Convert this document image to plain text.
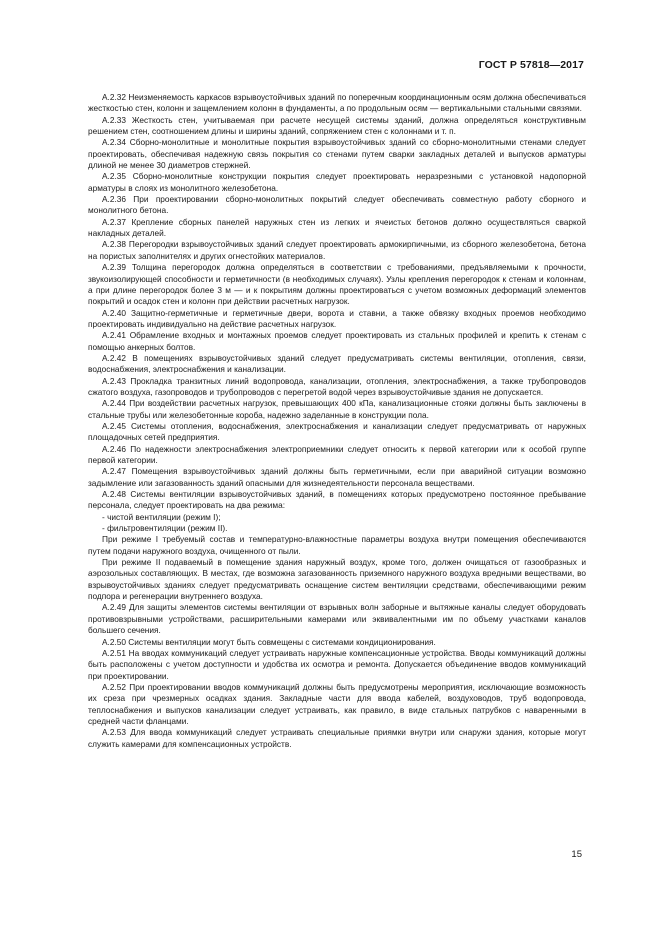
ГОСТ Р 57818—2017

А.2.32 Неизменяемость каркасов взрывоустойчивых зданий по поперечным координационным осям должна обеспечиваться жесткостью стен, колонн и защемлением колонн в фундаменты, а по продольным осям — вертикальными стальными связями.

А.2.33 Жесткость стен, учитываемая при расчете несущей системы зданий, должна определяться конструктивным решением стен, соотношением длины и ширины зданий, сопряжением стен с колоннами и т. п.

А.2.34 Сборно-монолитные и монолитные покрытия взрывоустойчивых зданий со сборно-монолитными стенами следует проектировать, обеспечивая надежную связь покрытия со стенами путем сварки закладных деталей и выпусков арматуры длиной не менее 30 диаметров стержней.

А.2.35 Сборно-монолитные конструкции покрытия следует проектировать неразрезными с установкой надопорной арматуры в слоях из монолитного железобетона.

А.2.36 При проектировании сборно-монолитных покрытий следует обеспечивать совместную работу сборного и монолитного бетона.

А.2.37 Крепление сборных панелей наружных стен из легких и ячеистых бетонов должно осуществляться сваркой накладных деталей.

А.2.38 Перегородки взрывоустойчивых зданий следует проектировать армокирпичными, из сборного железобетона, бетона на пористых заполнителях и других огнестойких материалов.

А.2.39 Толщина перегородок должна определяться в соответствии с требованиями, предъявляемыми к прочности, звукоизолирующей способности и герметичности (в необходимых случаях). Узлы крепления перегородок к стенам и колоннам, а при длине перегородок более 3 м — и к покрытиям должны проектироваться с учетом возможных деформаций элементов покрытий и осадок стен и колонн при действии расчетных нагрузок.

А.2.40 Защитно-герметичные и герметичные двери, ворота и ставни, а также обвязку входных проемов необходимо проектировать индивидуально на действие расчетных нагрузок.

А.2.41 Обрамление входных и монтажных проемов следует проектировать из стальных профилей и крепить к стенам с помощью анкерных болтов.

А.2.42 В помещениях взрывоустойчивых зданий следует предусматривать системы вентиляции, отопления, связи, водоснабжения, электроснабжения и канализации.

А.2.43 Прокладка транзитных линий водопровода, канализации, отопления, электроснабжения, а также трубопроводов сжатого воздуха, газопроводов и трубопроводов с перегретой водой через взрывоустойчивые здания не допускается.

А.2.44 При воздействии расчетных нагрузок, превышающих 400 кПа, канализационные стояки должны быть заключены в стальные трубы или железобетонные короба, надежно заделанные в конструкции пола.

А.2.45 Системы отопления, водоснабжения, электроснабжения и канализации следует предусматривать от наружных площадочных сетей предприятия.

А.2.46 По надежности электроснабжения электроприемники следует относить к первой категории или к особой группе первой категории.

А.2.47 Помещения взрывоустойчивых зданий должны быть герметичными, если при аварийной ситуации возможно задымление или загазованность зданий опасными для жизнедеятельности персонала веществами.

А.2.48 Системы вентиляции взрывоустойчивых зданий, в помещениях которых предусмотрено постоянное пребывание персонала, следует проектировать на два режима:

- чистой вентиляции (режим I);

- фильтровентиляции (режим II).

При режиме I требуемый состав и температурно-влажностные параметры воздуха внутри помещения обеспечиваются путем подачи наружного воздуха, очищенного от пыли.

При режиме II подаваемый в помещение здания наружный воздух, кроме того, должен очищаться от газообразных и аэрозольных составляющих. В местах, где возможна загазованность приземного наружного воздуха вредными веществами, во взрывоустойчивых зданиях следует предусматривать оснащение систем вентиляции средствами, обеспечивающими режим подпора и регенерации внутреннего воздуха.

А.2.49 Для защиты элементов системы вентиляции от взрывных волн заборные и вытяжные каналы следует оборудовать противовзрывными устройствами, расширительными камерами или эквивалентными им по объему участками каналов большего сечения.

А.2.50 Системы вентиляции могут быть совмещены с системами кондиционирования.

А.2.51 На вводах коммуникаций следует устраивать наружные компенсационные устройства. Вводы коммуникаций должны быть расположены с учетом доступности и удобства их осмотра и ремонта. Допускается объединение вводов коммуникаций при проектировании.

А.2.52 При проектировании вводов коммуникаций должны быть предусмотрены мероприятия, исключающие возможность их среза при чрезмерных осадках здания. Закладные части для ввода кабелей, воздуховодов, труб водопровода, теплоснабжения и выпусков канализации следует устраивать, как правило, в виде стальных патрубков с наваренными в средней части фланцами.

А.2.53 Для ввода коммуникаций следует устраивать специальные приямки внутри или снаружи здания, которые могут служить камерами для компенсационных устройств.

15
